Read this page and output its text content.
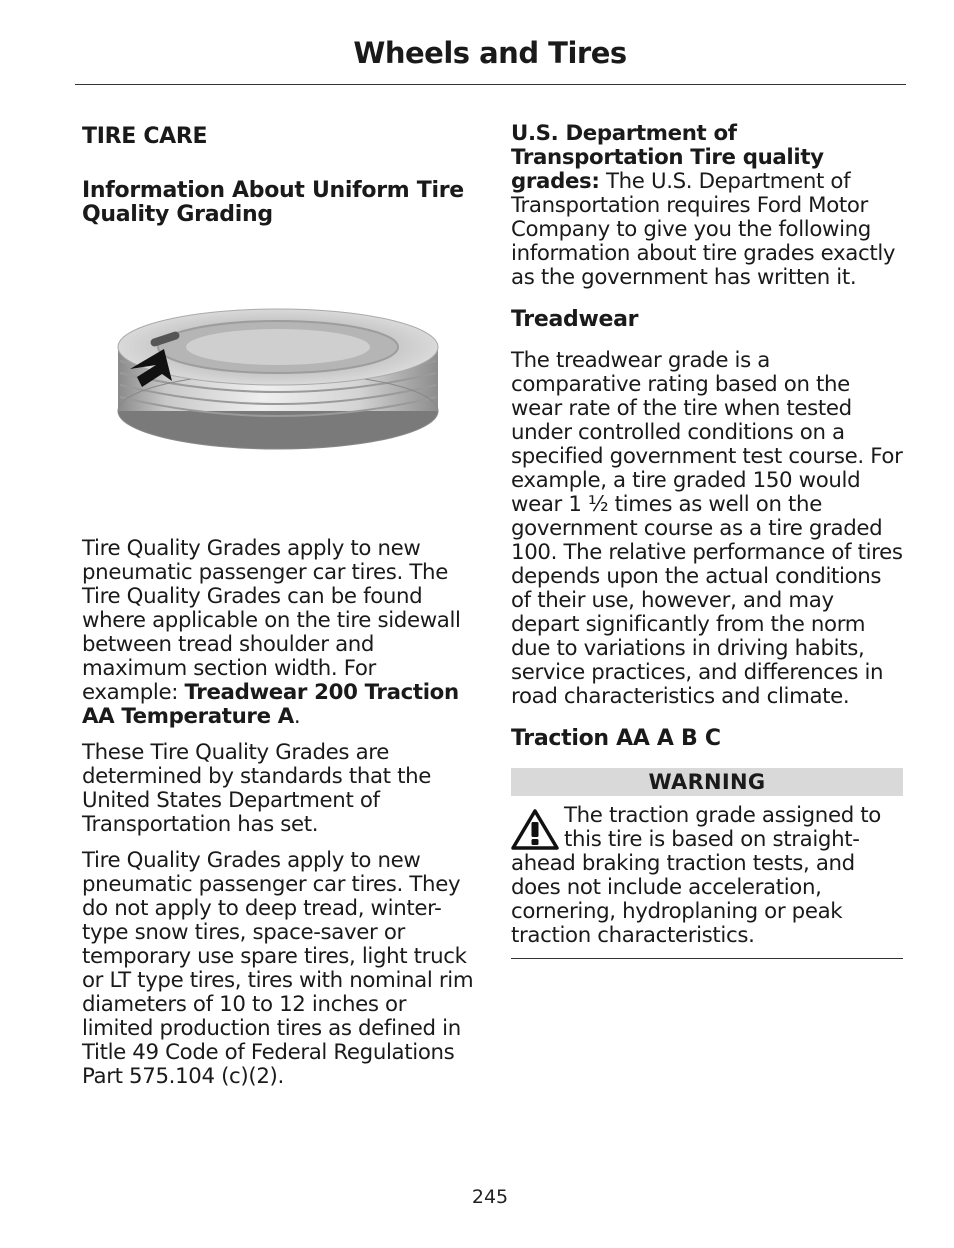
Wheels and Tires
TIRE CARE
Information About Uniform Tire Quality Grading

Tire Quality Grades apply to new pneumatic passenger car tires. The Tire Quality Grades can be found where applicable on the tire sidewall between tread shoulder and maximum section width. For example: Treadwear 200 Traction AA Temperature A.

These Tire Quality Grades are determined by standards that the United States Department of Transportation has set.

Tire Quality Grades apply to new pneumatic passenger car tires. They do not apply to deep tread, winter-type snow tires, space-saver or temporary use spare tires, light truck or LT type tires, tires with nominal rim diameters of 10 to 12 inches or limited production tires as defined in Title 49 Code of Federal Regulations Part 575.104 (c)(2).

U.S. Department of Transportation Tire quality grades: The U.S. Department of Transportation requires Ford Motor Company to give you the following information about tire grades exactly as the government has written it.

Treadwear

The treadwear grade is a comparative rating based on the wear rate of the tire when tested under controlled conditions on a specified government test course. For example, a tire graded 150 would wear 1 ½ times as well on the government course as a tire graded 100. The relative performance of tires depends upon the actual conditions of their use, however, and may depart significantly from the norm due to variations in driving habits, service practices, and differences in road characteristics and climate.

Traction AA A B C
WARNING

The traction grade assigned to this tire is based on straight-ahead braking traction tests, and does not include acceleration, cornering, hydroplaning or peak traction characteristics.

245
